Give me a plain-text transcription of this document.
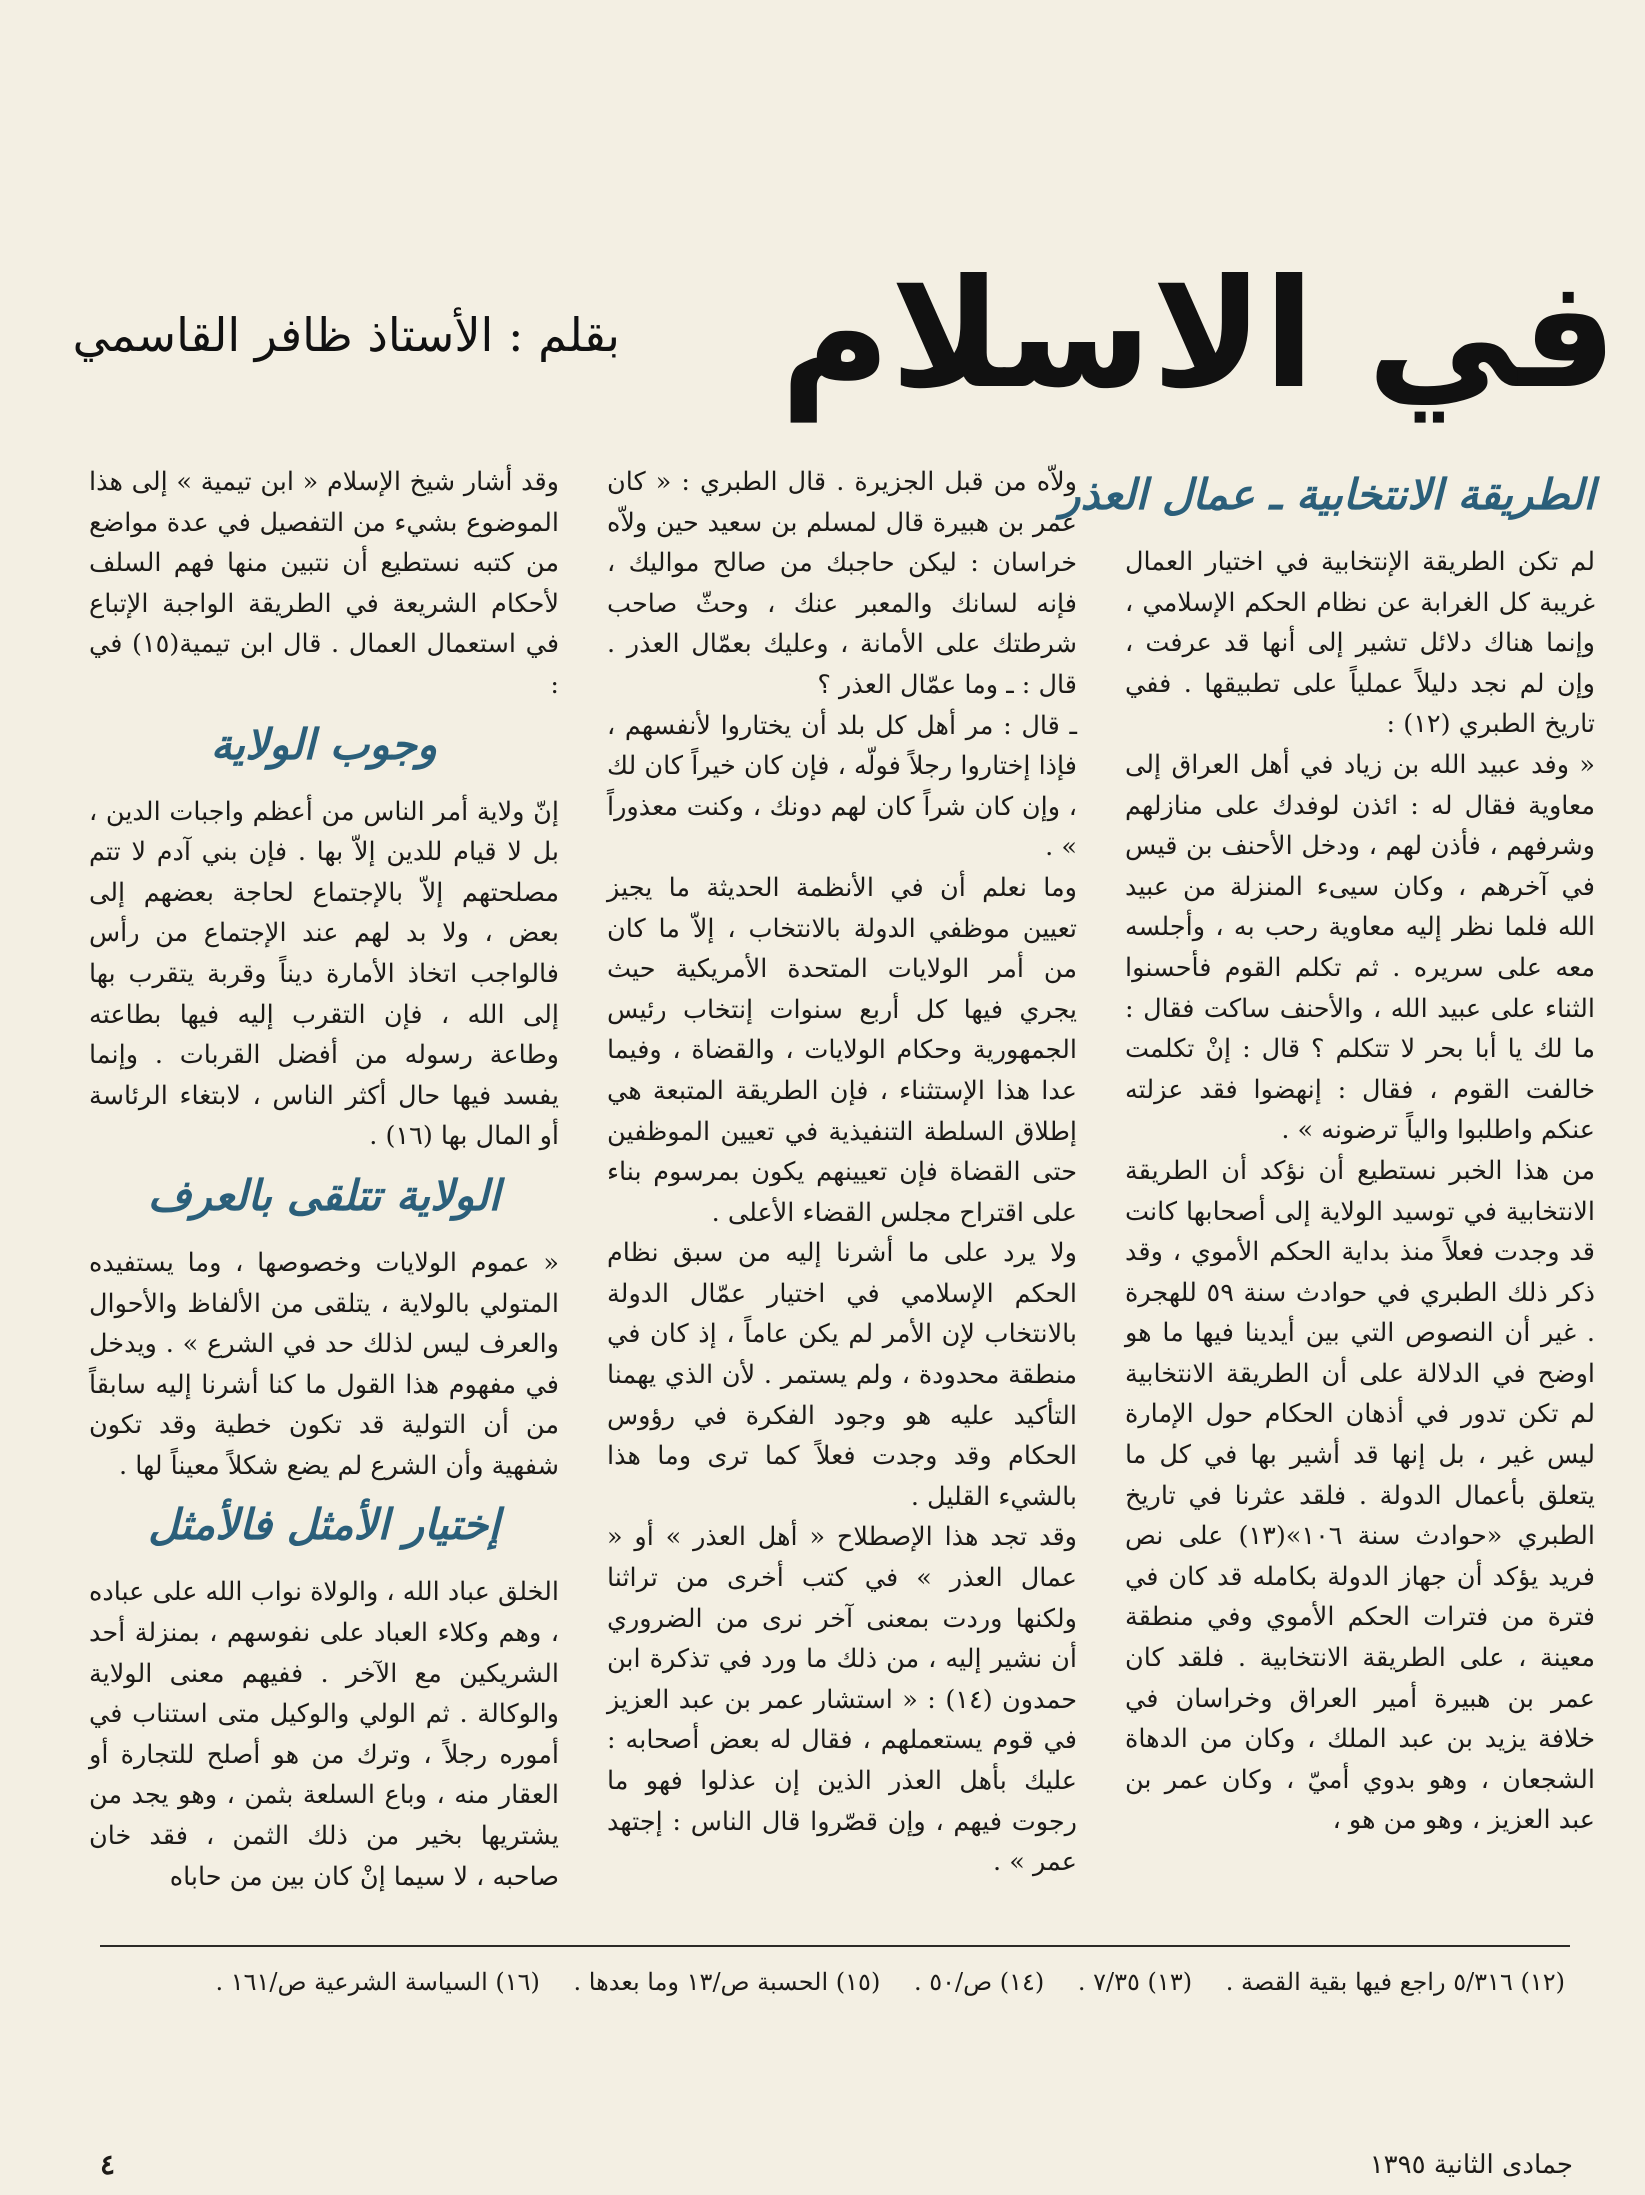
في الاسلام
بقلم : الأستاذ ظافر القاسمي
الطريقة الانتخابية ـ عمال العذر

لم تكن الطريقة الإنتخابية في اختيار العمال غريبة كل الغرابة عن نظام الحكم الإسلامي ، وإنما هناك دلائل تشير إلى أنها قد عرفت ، وإن لم نجد دليلاً عملياً على تطبيقها . ففي تاريخ الطبري (١٢) :

« وفد عبيد الله بن زياد في أهل العراق إلى معاوية فقال له : ائذن لوفدك على منازلهم وشرفهم ، فأذن لهم ، ودخل الأحنف بن قيس في آخرهم ، وكان سيىء المنزلة من عبيد الله فلما نظر إليه معاوية رحب به ، وأجلسه معه على سريره . ثم تكلم القوم فأحسنوا الثناء على عبيد الله ، والأحنف ساكت فقال : ما لك يا أبا بحر لا تتكلم ؟ قال : إنْ تكلمت خالفت القوم ، فقال : إنهضوا فقد عزلته عنكم واطلبوا والياً ترضونه » .

من هذا الخبر نستطيع أن نؤكد أن الطريقة الانتخابية في توسيد الولاية إلى أصحابها كانت قد وجدت فعلاً منذ بداية الحكم الأموي ، وقد ذكر ذلك الطبري في حوادث سنة ٥٩ للهجرة . غير أن النصوص التي بين أيدينا فيها ما هو اوضح في الدلالة على أن الطريقة الانتخابية لم تكن تدور في أذهان الحكام حول الإمارة ليس غير ، بل إنها قد أشير بها في كل ما يتعلق بأعمال الدولة . فلقد عثرنا في تاريخ الطبري «حوادث سنة ١٠٦»(١٣) على نص فريد يؤكد أن جهاز الدولة بكامله قد كان في فترة من فترات الحكم الأموي وفي منطقة معينة ، على الطريقة الانتخابية . فلقد كان عمر بن هبيرة أمير العراق وخراسان في خلافة يزيد بن عبد الملك ، وكان من الدهاة الشجعان ، وهو بدوي أميّ ، وكان عمر بن عبد العزيز ، وهو من هو ،

ولاّه من قبل الجزيرة . قال الطبري : « كان عمر بن هبيرة قال لمسلم بن سعيد حين ولاّه خراسان : ليكن حاجبك من صالح مواليك ، فإنه لسانك والمعبر عنك ، وحثّ صاحب شرطتك على الأمانة ، وعليك بعمّال العذر . قال : ـ وما عمّال العذر ؟

ـ قال : مر أهل كل بلد أن يختاروا لأنفسهم ، فإذا إختاروا رجلاً فولّه ، فإن كان خيراً كان لك ، وإن كان شراً كان لهم دونك ، وكنت معذوراً » .

وما نعلم أن في الأنظمة الحديثة ما يجيز تعيين موظفي الدولة بالانتخاب ، إلاّ ما كان من أمر الولايات المتحدة الأمريكية حيث يجري فيها كل أربع سنوات إنتخاب رئيس الجمهورية وحكام الولايات ، والقضاة ، وفيما عدا هذا الإستثناء ، فإن الطريقة المتبعة هي إطلاق السلطة التنفيذية في تعيين الموظفين حتى القضاة فإن تعيينهم يكون بمرسوم بناء على اقتراح مجلس القضاء الأعلى .

ولا يرد على ما أشرنا إليه من سبق نظام الحكم الإسلامي في اختيار عمّال الدولة بالانتخاب لإن الأمر لم يكن عاماً ، إذ كان في منطقة محدودة ، ولم يستمر . لأن الذي يهمنا التأكيد عليه هو وجود الفكرة في رؤوس الحكام وقد وجدت فعلاً كما ترى وما هذا بالشيء القليل .

وقد تجد هذا الإصطلاح « أهل العذر » أو « عمال العذر » في كتب أخرى من تراثنا ولكنها وردت بمعنى آخر نرى من الضروري أن نشير إليه ، من ذلك ما ورد في تذكرة ابن حمدون (١٤) : « استشار عمر بن عبد العزيز في قوم يستعملهم ، فقال له بعض أصحابه : عليك بأهل العذر الذين إن عذلوا فهو ما رجوت فيهم ، وإن قصّروا قال الناس : إجتهد عمر » .

وقد أشار شيخ الإسلام « ابن تيمية » إلى هذا الموضوع بشيء من التفصيل في عدة مواضع من كتبه نستطيع أن نتبين منها فهم السلف لأحكام الشريعة في الطريقة الواجبة الإتباع في استعمال العمال . قال ابن تيمية(١٥) في :

وجوب الولاية

إنّ ولاية أمر الناس من أعظم واجبات الدين ، بل لا قيام للدين إلاّ بها . فإن بني آدم لا تتم مصلحتهم إلاّ بالإجتماع لحاجة بعضهم إلى بعض ، ولا بد لهم عند الإجتماع من رأس فالواجب اتخاذ الأمارة ديناً وقربة يتقرب بها إلى الله ، فإن التقرب إليه فيها بطاعته وطاعة رسوله من أفضل القربات . وإنما يفسد فيها حال أكثر الناس ، لابتغاء الرئاسة أو المال بها (١٦) .

الولاية تتلقى بالعرف

« عموم الولايات وخصوصها ، وما يستفيده المتولي بالولاية ، يتلقى من الألفاظ والأحوال والعرف ليس لذلك حد في الشرع » . ويدخل في مفهوم هذا القول ما كنا أشرنا إليه سابقاً من أن التولية قد تكون خطية وقد تكون شفهية وأن الشرع لم يضع شكلاً معيناً لها .

إختيار الأمثل فالأمثل

الخلق عباد الله ، والولاة نواب الله على عباده ، وهم وكلاء العباد على نفوسهم ، بمنزلة أحد الشريكين مع الآخر . ففيهم معنى الولاية والوكالة . ثم الولي والوكيل متى استناب في أموره رجلاً ، وترك من هو أصلح للتجارة أو العقار منه ، وباع السلعة بثمن ، وهو يجد من يشتريها بخير من ذلك الثمن ، فقد خان صاحبه ، لا سيما إنْ كان بين من حاباه

(١٢) ٥/٣١٦ راجع فيها بقية القصة . (١٣) ٧/٣٥ . (١٤) ص/٥٠ . (١٥) الحسبة ص/١٣ وما بعدها . (١٦) السياسة الشرعية ص/١٦١ .
جمادى الثانية ١٣٩٥
٤
